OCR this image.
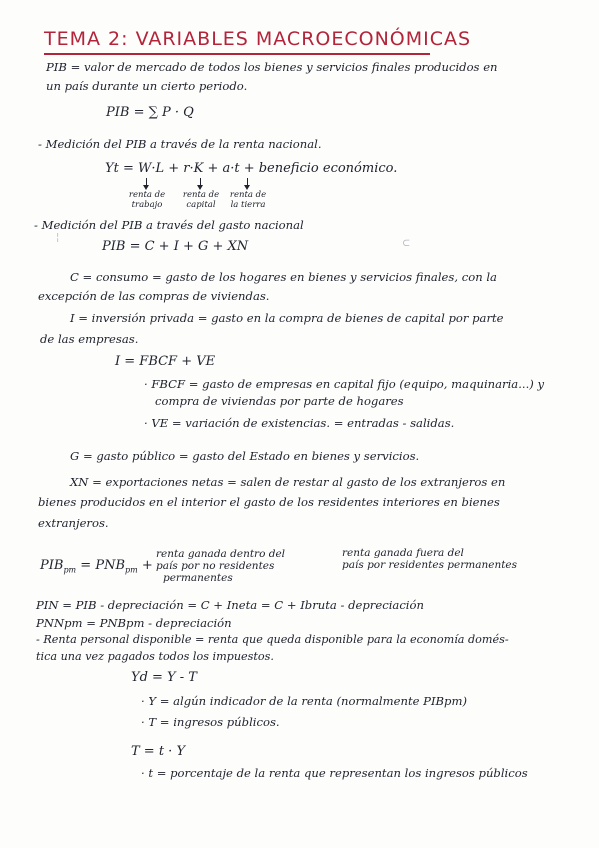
TEMA 2: VARIABLES MACROECONÓMICAS
PIB = valor de mercado de todos los bienes y servicios finales producidos en
un país durante un cierto periodo.
PIB = ∑ P · Q
- Medición del PIB a través de la renta nacional.
Yt = W·L + r·K + a·t + beneficio económico.
renta de trabajo
renta de capital
renta de la tierra
- Medición del PIB a través del gasto nacional
PIB = C + I + G + XN
¦
⊂
C = consumo = gasto de los hogares en bienes y servicios finales, con la
excepción de las compras de viviendas.
I = inversión privada = gasto en la compra de bienes de capital por parte
de las empresas.
I = FBCF + VE
· FBCF = gasto de empresas en capital fijo (equipo, maquinaria...) y
compra de viviendas por parte de hogares
· VE = variación de existencias. = entradas - salidas.
G = gasto público = gasto del Estado en bienes y servicios.
XN = exportaciones netas = salen de restar al gasto de los extranjeros en
bienes producidos en el interior el gasto de los residentes interiores en bienes
extranjeros.
$PIB_{pm} = PNB_{pm}$ +
renta ganada dentro del
país por no residentes
permanentes
renta ganada fuera del
país por residentes permanentes
PIN = PIB - depreciación = C + Ineta = C + Ibruta - depreciación
PNNpm = PNBpm - depreciación
- Renta personal disponible = renta que queda disponible para la economía domés-
tica una vez pagados todos los impuestos.
Yd = Y - T
· Y = algún indicador de la renta (normalmente PIBpm)
· T = ingresos públicos.
T = t · Y
· t = porcentaje de la renta que representan los ingresos públicos
